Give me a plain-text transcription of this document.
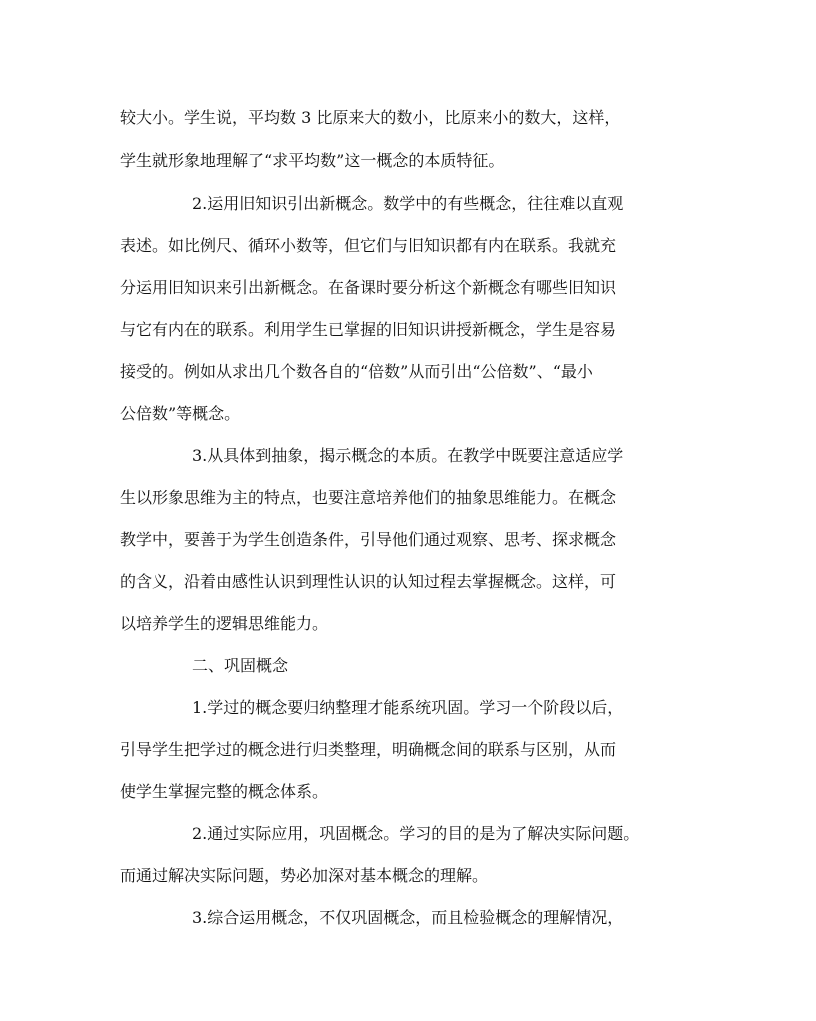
较大小。学生说，平均数 3 比原来大的数小，比原来小的数大，这样，
学生就形象地理解了“求平均数”这一概念的本质特征。
2.运用旧知识引出新概念。数学中的有些概念，往往难以直观
表述。如比例尺、循环小数等，但它们与旧知识都有内在联系。我就充
分运用旧知识来引出新概念。在备课时要分析这个新概念有哪些旧知识
与它有内在的联系。利用学生已掌握的旧知识讲授新概念，学生是容易
接受的。例如从求出几个数各自的“倍数”从而引出“公倍数”、“最小
公倍数”等概念。
3.从具体到抽象，揭示概念的本质。在教学中既要注意适应学
生以形象思维为主的特点，也要注意培养他们的抽象思维能力。在概念
教学中，要善于为学生创造条件，引导他们通过观察、思考、探求概念
的含义，沿着由感性认识到理性认识的认知过程去掌握概念。这样，可
以培养学生的逻辑思维能力。
二、巩固概念
1.学过的概念要归纳整理才能系统巩固。学习一个阶段以后，
引导学生把学过的概念进行归类整理，明确概念间的联系与区别，从而
使学生掌握完整的概念体系。
2.通过实际应用，巩固概念。学习的目的是为了解决实际问题。
而通过解决实际问题，势必加深对基本概念的理解。
3.综合运用概念，不仅巩固概念，而且检验概念的理解情况，
